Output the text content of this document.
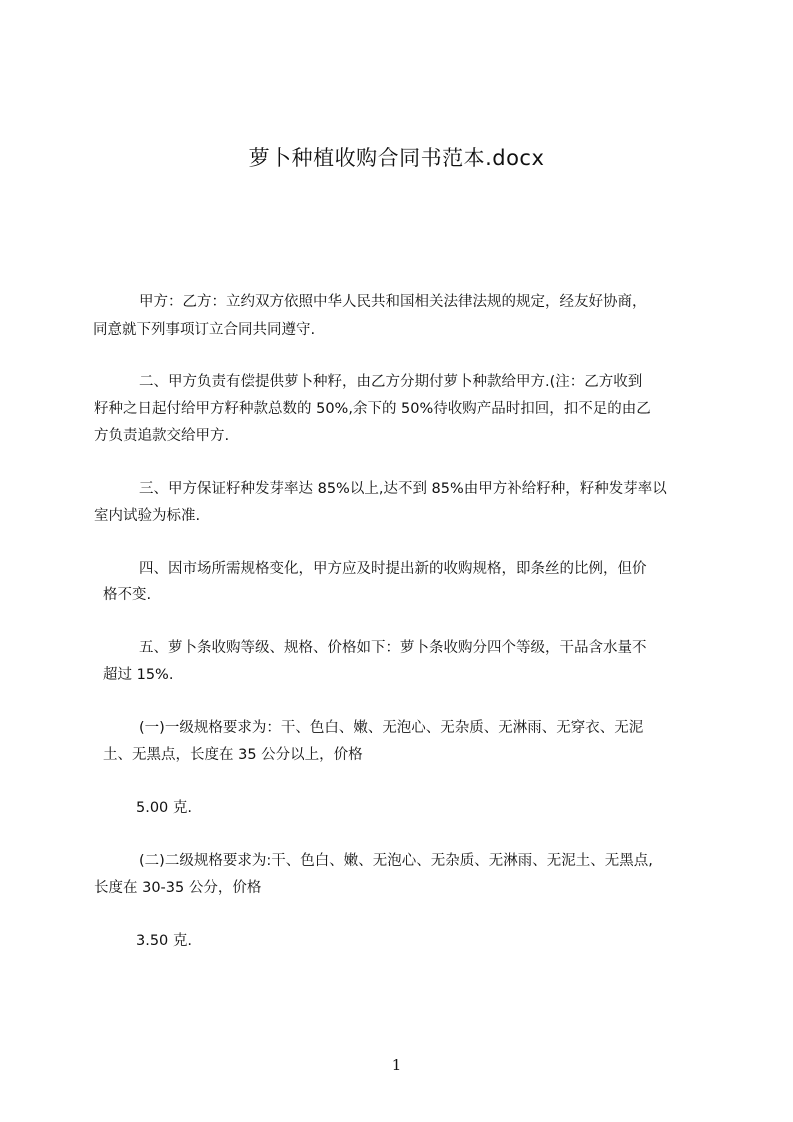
萝卜种植收购合同书范本.docx
甲方：乙方：立约双方依照中华人民共和国相关法律法规的规定，经友好协商，
同意就下列事项订立合同共同遵守.
二、甲方负责有偿提供萝卜种籽，由乙方分期付萝卜种款给甲方.(注：乙方收到
籽种之日起付给甲方籽种款总数的 50%,余下的 50%待收购产品时扣回，扣不足的由乙
方负责追款交给甲方.
三、甲方保证籽种发芽率达 85%以上,达不到 85%由甲方补给籽种，籽种发芽率以
室内试验为标准.
四、因市场所需规格变化，甲方应及时提出新的收购规格，即条丝的比例，但价
格不变.
五、萝卜条收购等级、规格、价格如下：萝卜条收购分四个等级，干品含水量不
超过 15%.
(一)一级规格要求为：干、色白、嫩、无泡心、无杂质、无淋雨、无穿衣、无泥
土、无黑点，长度在 35 公分以上，价格
5.00 克.
(二)二级规格要求为:干、色白、嫩、无泡心、无杂质、无淋雨、无泥土、无黑点,
长度在 30-35 公分，价格
3.50 克.
1
